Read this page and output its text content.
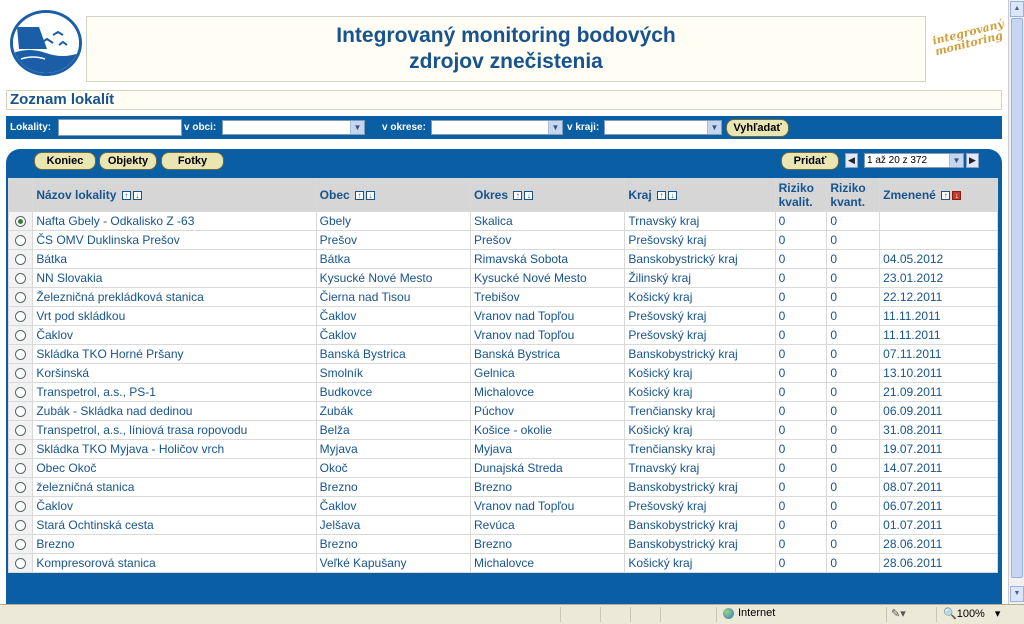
Integrovaný monitoring bodových
zdrojov znečistenia
integrovaný monitoring
Zoznam lokalít
Lokality:	v obci:	▼ v okrese:	▼ v kraji:	▼	Vyhľadať
Koniec	Objekty	Fotky	Pridať	◀	1 až 20 z 372	▼ ▶
	Názov lokality ↑ ↓	Obec ↑ ↓	Okres ↑ ↓	Kraj ↑ ↓	Riziko kvalit.	Riziko kvant.	Zmenené ↑ ↓
	Nafta Gbely - Odkalisko Z -63	Gbely	Skalica	Trnavský kraj	0	0	
	ČS OMV Duklinska Prešov	Prešov	Prešov	Prešovský kraj	0	0	
	Bátka	Bátka	Rimavská Sobota	Banskobystrický kraj	0	0	04.05.2012
	NN Slovakia	Kysucké Nové Mesto	Kysucké Nové Mesto	Žilinský kraj	0	0	23.01.2012
	Železničná prekládková stanica	Čierna nad Tisou	Trebišov	Košický kraj	0	0	22.12.2011
	Vrt pod skládkou	Čaklov	Vranov nad Topľou	Prešovský kraj	0	0	11.11.2011
	Čaklov	Čaklov	Vranov nad Topľou	Prešovský kraj	0	0	11.11.2011
	Skládka TKO Horné Pršany	Banská Bystrica	Banská Bystrica	Banskobystrický kraj	0	0	07.11.2011
	Koršinská	Smolník	Gelnica	Košický kraj	0	0	13.10.2011
	Transpetrol, a.s., PS-1	Budkovce	Michalovce	Košický kraj	0	0	21.09.2011
	Zubák - Skládka nad dedinou	Zubák	Púchov	Trenčiansky kraj	0	0	06.09.2011
	Transpetrol, a.s., líniová trasa ropovodu	Belža	Košice - okolie	Košický kraj	0	0	31.08.2011
	Skládka TKO Myjava - Holičov vrch	Myjava	Myjava	Trenčiansky kraj	0	0	19.07.2011
	Obec Okoč	Okoč	Dunajská Streda	Trnavský kraj	0	0	14.07.2011
	železničná stanica	Brezno	Brezno	Banskobystrický kraj	0	0	08.07.2011
	Čaklov	Čaklov	Vranov nad Topľou	Prešovský kraj	0	0	06.07.2011
	Stará Ochtinská cesta	Jelšava	Revúca	Banskobystrický kraj	0	0	01.07.2011
	Brezno	Brezno	Brezno	Banskobystrický kraj	0	0	28.06.2011
	Kompresorová stanica	Veľké Kapušany	Michalovce	Košický kraj	0	0	28.06.2011
▲
▼
Internet	✎▾	🔍100% ▾
